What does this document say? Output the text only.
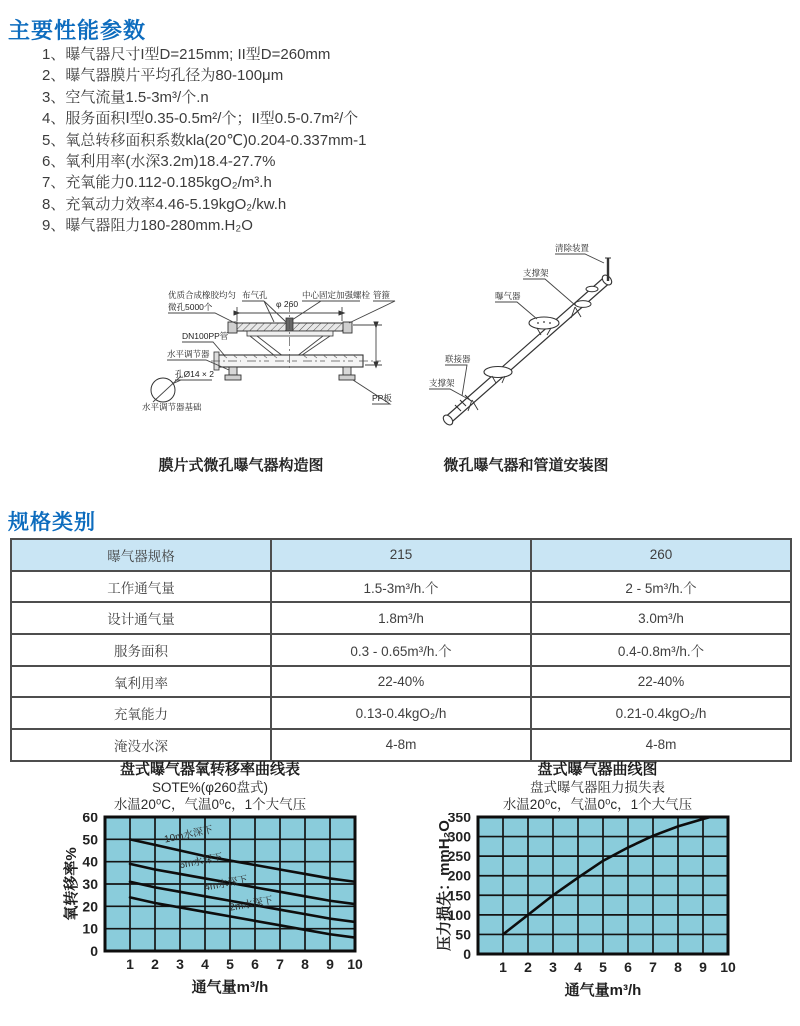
主要性能参数
1、曝气器尺寸I型D=215mm; II型D=260mm
2、曝气器膜片平均孔径为80-100μm
3、空气流量1.5-3m³/个.n
4、服务面积Ⅰ型0.35-0.5m²/个；II型0.5-0.7m²/个
5、氧总转移面积系数kla(20℃)0.204-0.337mm-1
6、氧利用率(水深3.2m)18.4-27.7%
7、充氧能力0.112-0.185kgO₂/m³.h
8、充氧动力效率4.46-5.19kgO₂/kw.h
9、曝气器阻力180-280mm.H₂O
φ 260
优质合成橡胶均匀
微孔5000个
布气孔	中心固定加强螺栓 管箍
DN100PP管
水平调节器
孔Ø14 × 2
水平调节器基础
PP板
清除装置
支撑架
曝气器
联接器
支撑架
膜片式微孔曝气器构造图	微孔曝气器和管道安装图
规格类别
曝气器规格	215	260
工作通气量	1.5-3m³/h.个	2 - 5m³/h.个
设计通气量	1.8m³/h	3.0m³/h
服务面积	0.3 - 0.65m³/h.个	0.4-0.8m³/h.个
氧利用率	22-40%	22-40%
充氧能力	0.13-0.4kgO₂/h	0.21-0.4kgO₂/h
淹没水深	4-8m	4-8m
盘式曝气器氧转移率曲线表
SOTE%(φ260盘式)
水温20⁰C，气温0⁰c，1个大气压
10m水深下
6m水深下
4m水深下
2m水深下
1 2 3 4 5 6 7 8 9 10
0
10
20
30
40
50
60
通气量m³/h
氧转移率%
盘式曝气器曲线图
盘式曝气器阻力损失表
水温20⁰c，气温0⁰c，1个大气压
1 2 3 4 5 6 7 8 9 10
0
50
100
150
200
250
300
350
通气量m³/h
压力损失：mmH₂O
